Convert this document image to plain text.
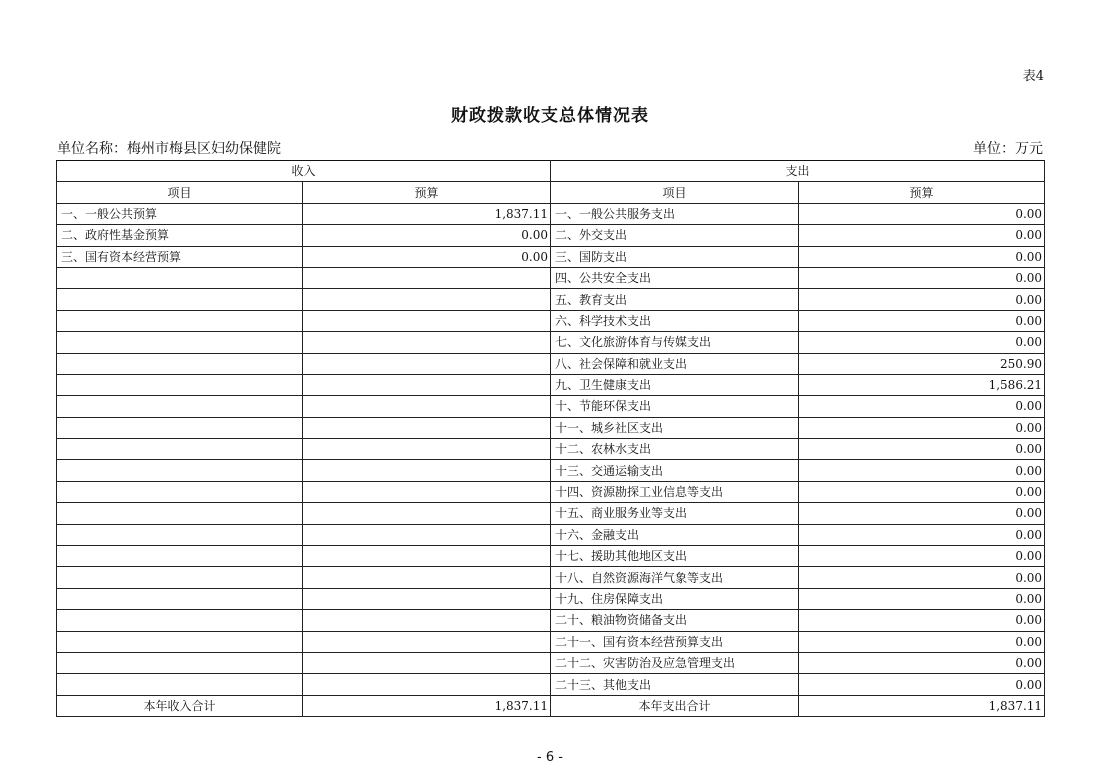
表4
财政拨款收支总体情况表
单位名称：梅州市梅县区妇幼保健院	单位：万元
收入		支出	
项目	预算	项目	预算
一、一般公共预算	1,837.11	一、一般公共服务支出	0.00
二、政府性基金预算	0.00	二、外交支出	0.00
三、国有资本经营预算	0.00	三、国防支出	0.00
		四、公共安全支出	0.00
		五、教育支出	0.00
		六、科学技术支出	0.00
		七、文化旅游体育与传媒支出	0.00
		八、社会保障和就业支出	250.90
		九、卫生健康支出	1,586.21
		十、节能环保支出	0.00
		十一、城乡社区支出	0.00
		十二、农林水支出	0.00
		十三、交通运输支出	0.00
		十四、资源勘探工业信息等支出	0.00
		十五、商业服务业等支出	0.00
		十六、金融支出	0.00
		十七、援助其他地区支出	0.00
		十八、自然资源海洋气象等支出	0.00
		十九、住房保障支出	0.00
		二十、粮油物资储备支出	0.00
		二十一、国有资本经营预算支出	0.00
		二十二、灾害防治及应急管理支出	0.00
		二十三、其他支出	0.00
本年收入合计	1,837.11	本年支出合计	1,837.11
- 6 -
